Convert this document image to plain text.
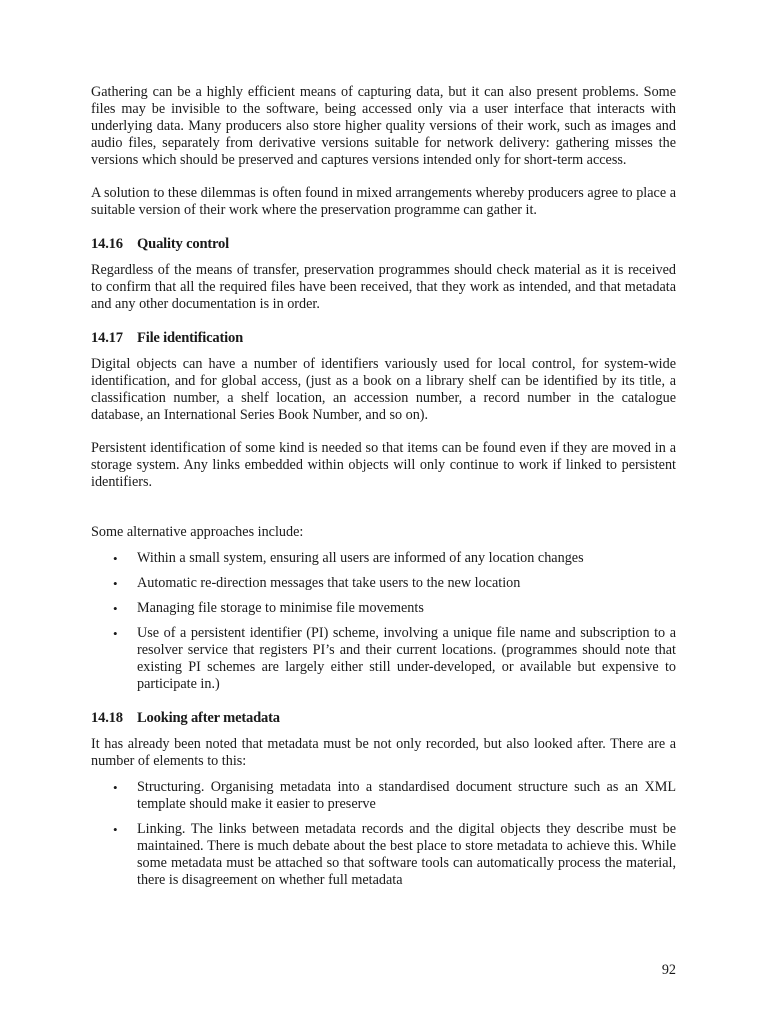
Gathering can be a highly efficient means of capturing data, but it can also present problems. Some files may be invisible to the software, being accessed only via a user interface that interacts with underlying data. Many producers also store higher quality versions of their work, such as images and audio files, separately from derivative versions suitable for network delivery: gathering misses the versions which should be preserved and captures versions intended only for short-term access.

A solution to these dilemmas is often found in mixed arrangements whereby producers agree to place a suitable version of their work where the preservation programme can gather it.

14.16 Quality control

Regardless of the means of transfer, preservation programmes should check material as it is received to confirm that all the required files have been received, that they work as intended, and that metadata and any other documentation is in order.

14.17 File identification

Digital objects can have a number of identifiers variously used for local control, for system-wide identification, and for global access, (just as a book on a library shelf can be identified by its title, a classification number, a shelf location, an accession number, a record number in the catalogue database, an International Series Book Number, and so on).

Persistent identification of some kind is needed so that items can be found even if they are moved in a storage system. Any links embedded within objects will only continue to work if linked to persistent identifiers.

Some alternative approaches include:

• Within a small system, ensuring all users are informed of any location changes
• Automatic re-direction messages that take users to the new location
• Managing file storage to minimise file movements
• Use of a persistent identifier (PI) scheme, involving a unique file name and subscription to a resolver service that registers PI’s and their current locations. (programmes should note that existing PI schemes are largely either still under-developed, or available but expensive to participate in.)
14.18 Looking after metadata

It has already been noted that metadata must be not only recorded, but also looked after. There are a number of elements to this:

• Structuring. Organising metadata into a standardised document structure such as an XML template should make it easier to preserve
• Linking. The links between metadata records and the digital objects they describe must be maintained. There is much debate about the best place to store metadata to achieve this. While some metadata must be attached so that software tools can automatically process the material, there is disagreement on whether full metadata
92
